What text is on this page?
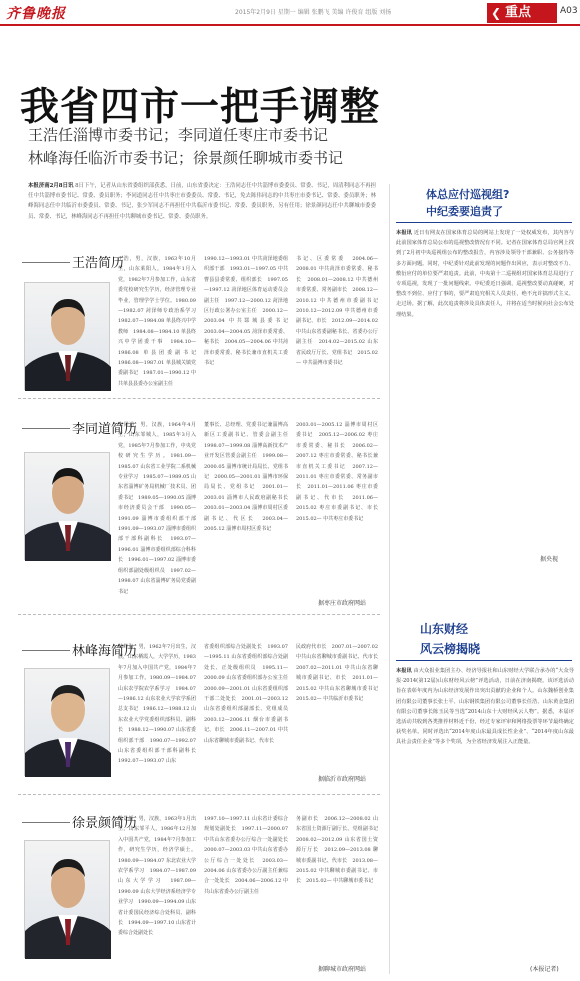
齐鲁晚报	2015年2月9日 星期一 编辑 张鹏飞 美编 许俊育 组版 刘扬	❮ 重点	A03
我省四市一把手调整
王浩任淄博市委书记；李同道任枣庄市委书记
林峰海任临沂市委书记；徐景颜任聊城市委书记
本报济南2月8日讯 8日下午，记者从山东省委组织部获悉，日前，山东省委决定：王浩同志任中共淄博市委委员、常委、书记，周清利同志不再担任中共淄博市委书记、常委、委员职务；李同道同志任中共枣庄市委委员、常委、书记，免去陈伟同志的中共枣庄市委书记、常委、委员职务；林峰海同志任中共临沂市委委员、常委、书记，张少军同志不再担任中共临沂市委书记、常委、委员职务，另有任用；徐景颜同志任中共聊城市委委员、常委、书记，林峰海同志不再担任中共聊城市委书记、常委、委员职务。
王浩简历
王浩，男，汉族，1963年10月生，山东莱阳人，1984年1月入党，1982年7月参加工作，山东省委党校研究生学历，经济管理专业毕业，管理学学士学位。1980.09—1982.07 菏泽师专政治系学习　1982.07—1984.08 单县终兴中学教师　1984.08—1984.10 单县终兴中学团委干事　1984.10—1986.08 单县团委副书记　1986.08—1987.01 单县城关镇党委副书记　1987.01—1990.12 中共单县县委办公室副主任
1990.12—1993.01 中共菏泽地委组织部干部　1993.01—1997.05 中共曹县县委常委、组织部长　1997.05—1997.12 菏泽地区体育运动委员会副主任　1997.12—2000.12 菏泽地区行政公署办公室主任　2000.12—2003.04 中共郓城县委书记　2003.04—2004.05 菏泽市委常委、秘书长　2004.05—2004.06 中共菏泽市委常委、秘书长兼市直机关工委书记
书记、区委常委　2004.06—2008.01 中共菏泽市委常委、秘书长　2008.01—2008.12 中共德州市委常委、常务副市长　2008.12—2010.12 中共德州市委副书记　2010.12—2012.09 中共德州市委副书记、市长　2012.09—2014.02 中共山东省委副秘书长、省委办公厅副主任　2014.02—2015.02 山东省民政厅厅长、党组书记　2015.02— 中共淄博市委书记
李同道简历
李同道，男，汉族，1964年4月生，山东邹城人，1985年3月入党，1985年7月参加工作，中央党校研究生学历。1981.09—1985.07 山东省工业学院二系机械专业学习　1985.07—1989.05 山东省淄博矿务局机械厂技术员、团委书记　1989.05—1990.05 淄博市经济委员会干部　1990.05—1991.09 淄博市委组织部干部　1991.09—1993.07 淄博市委组织部干部科副科长　1993.07—1996.01 淄博市委组织部综合科科长　1996.01—1997.02 淄博市委组织部副处级组织员　1997.02—1998.07 山东省淄博矿务局党委副书记
董事长、总经理、党委书记兼淄博高新区工委副书记、管委会副主任　1998.07—1999.08 淄博高新技术产业开发区管委会副主任　1999.08—2000.05 淄博市统计局局长、党组书记　2000.05—2001.01 淄博市环保局局长、党组书记　2001.01—2003.01 淄博市人民政府副秘书长　2003.01—2003.04 淄博市周村区委副书记、代区长　2003.04—2005.12 淄博市周村区委书记
2003.01—2005.12 淄博市周村区委书记　2005.12—2006.02 枣庄市委常委、秘书长　2006.02—2007.12 枣庄市委常委、秘书长兼市直机关工委书记　2007.12—2011.01 枣庄市委常委、常务副市长　2011.01—2011.06 枣庄市委副书记、代市长　2011.06—2015.02 枣庄市委副书记、市长　2015.02— 中共枣庄市委书记
据枣庄市政府网站
林峰海简历
林峰海，男，1962年7月出生，汉族，山东栖霞人，大学学历，1983年7月加入中国共产党，1984年7月参加工作。1980.09—1984.07 山东农学院农学系学习　1984.07—1986.12 山东农业大学农学系团总支书记　1986.12—1988.12 山东农业大学党委组织部科员、副科长　1988.12—1990.07 山东省委组织部干部　1990.07—1992.07 山东省委组织部干部科副科长　1992.07—1993.07 山东
省委组织部综合处副处长　1993.07—1995.11 山东省委组织部综合处副处长、正处级组织员　1995.11—2000.09 山东省委组织部办公室主任　2000.09—2001.01 山东省委组织部干部二处处长　2001.01—2003.12 山东省委组织部副部长、党组成员　2003.12—2006.11 烟台市委副书记、市长　2006.11—2007.01 中共山东省聊城市委副书记、代市长
民政府代市长　2007.01—2007.02 中共山东省聊城市委副书记、代市长　2007.02—2011.01 中共山东省聊城市委副书记、市长　2011.01—2015.02 中共山东省聊城市委书记　2015.02— 中共临沂市委书记
据临沂市政府网站
徐景颜简历
徐景颜，男，汉族，1963年1月出生，山东邹平人，1986年12月加入中国共产党，1984年7月参加工作，研究生学历，经济学硕士。1980.09—1984.07 东北农业大学农学系学习　1984.07—1987.09 山东大学学习　1987.09—1990.09 山东大学经济系经济学专业学习　1990.09—1994.09 山东省计委国民经济综合处科员、副科长　1994.09—1997.10 山东省计委综合处副处长
1997.10—1997.11 山东省计委综合规划处副处长　1997.11—2000.07 中共山东省委办公厅综合一处副处长　2000.07—2003.03 中共山东省委办公厅综合一处处长　2003.03—2004.06 山东省委办公厅副主任兼综合一处处长　2004.06—2006.12 中共山东省委办公厅副主任
务副市长　2006.12—2008.02 山东省国土资源厅副厅长、党组副书记　2008.02—2012.09 山东省国土资源厅厅长　2012.09—2013.08 聊城市委副书记、代市长　2013.08—2015.02 中共聊城市委副书记、市长　2015.02— 中共聊城市委书记
据聊城市政府网站
体总应付巡视组?
中纪委要追责了
本报讯 近日有网友在国家体育总局的网站上发现了一处权威发布，其内容与此前国家体育总局公布的巡视整改情况有不同。记者在国家体育总局官网上找到了2月初中央巡视组公布的整改报告，内容涉及领导干部兼职、公务接待等多方面问题。同时，中纪委针对此前发现的问题作出回应，表示对整改不力、敷衍应付的单位要严肃追责。此前，中央第十二巡视组对国家体育总局进行了专项巡视，发现了一批问题线索。中纪委近日强调，巡视整改要动真碰硬，对整改不到位、应付了事的，要严肃追究相关人员责任，绝不允许搞形式主义、走过场。据了解，此次追责将涉及具体责任人，并将在适当时候向社会公布处理结果。
据央视
山东财经
风云榜揭晓
本报讯 由大众报业集团主办、经济导报社和山东财经大学联合承办的“大众导报·2014(第12届)山东财经风云榜”评选活动，日前在济南揭晓。该评选活动旨在表彰年度内为山东经济发展作出突出贡献的企业和个人。山东魏桥创业集团有限公司董事长张士平、山东钢铁集团有限公司董事长任浩、山东黄金集团有限公司董事长陈玉民等当选“2014山东十大财经风云人物”。据悉，本届评选活动共收到各类推荐材料近千份，经过专家评审和网络投票等环节最终确定获奖名单。同时评选出“2014年度山东最具成长性企业”、“2014年度山东最具社会责任企业”等多个奖项，为全省经济发展注入正能量。
(本报记者)
